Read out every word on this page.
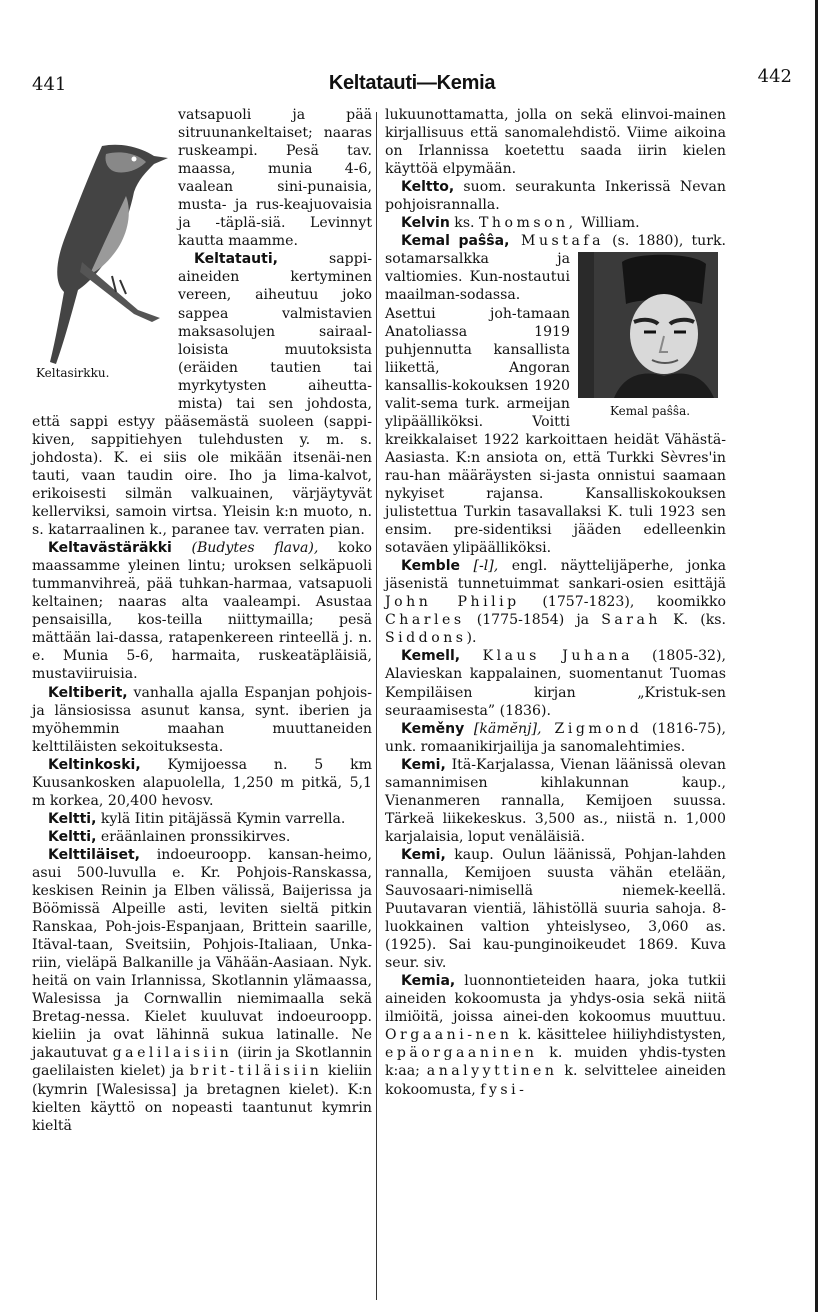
441	Keltatauti—Kemia	442
Keltasirkku.

vatsapuoli ja pää sitruunankeltaiset; naaras ruskeampi. Pesä tav. maassa, munia 4-6, vaalean sini-punaisia, musta- ja rus-keajuovaisia ja -täplä-siä. Levinnyt kautta maamme.

Keltatauti, sappi-aineiden kertyminen vereen, aiheutuu joko sappea valmistavien maksasolujen sairaal-loisista muutoksista (eräiden tautien tai myrkytysten aiheutta-mista) tai sen johdosta, että sappi estyy pääsemästä suoleen (sappi-kiven, sappitiehyen tulehdusten y. m. s. johdosta). K. ei siis ole mikään itsenäi-nen tauti, vaan taudin oire. Iho ja lima-kalvot, erikoisesti silmän valkuainen, värjäytyvät kellerviksi, samoin virtsa. Yleisin k:n muoto, n. s. katarraalinen k., paranee tav. verraten pian.

Keltavästäräkki (Budytes flava), koko maassamme yleinen lintu; uroksen selkäpuoli tummanvihreä, pää tuhkan-harmaa, vatsapuoli keltainen; naaras alta vaaleampi. Asustaa pensaisilla, kos-teilla niittymailla; pesä mättään lai-dassa, ratapenkereen rinteellä j. n. e. Munia 5-6, harmaita, ruskeatäpläisiä, mustaviiruisia.

Keltiberit, vanhalla ajalla Espanjan pohjois- ja länsiosissa asunut kansa, synt. iberien ja myöhemmin maahan muuttaneiden kelttiläisten sekoituksesta.

Keltinkoski, Kymijoessa n. 5 km Kuusankosken alapuolella, 1,250 m pitkä, 5,1 m korkea, 20,400 hevosv.

Keltti, kylä Iitin pitäjässä Kymin varrella.

Keltti, eräänlainen pronssikirves.

Kelttiläiset, indoeuroopp. kansan-heimo, asui 500-luvulla e. Kr. Pohjois-Ranskassa, keskisen Reinin ja Elben välissä, Baijerissa ja Böömissä Alpeille asti, leviten sieltä pitkin Ranskaa, Poh-jois-Espanjaan, Brittein saarille, Itäval-taan, Sveitsiin, Pohjois-Italiaan, Unka-riin, vieläpä Balkanille ja Vähään-Aasiaan. Nyk. heitä on vain Irlannissa, Skotlannin ylämaassa, Walesissa ja Cornwallin niemimaalla sekä Bretag-nessa. Kielet kuuluvat indoeuroopp. kieliin ja ovat lähinnä sukua latinalle. Ne jakautuvat gaelilaisiin (iirin ja Skotlannin gaelilaisten kielet) ja brit-tiläisiin kieliin (kymrin [Walesissa] ja bretagnen kielet). K:n kielten käyttö on nopeasti taantunut kymrin kieltä

lukuunottamatta, jolla on sekä elinvoi-mainen kirjallisuus että sanomalehdistö. Viime aikoina on Irlannissa koetettu saada iirin kielen käyttöä elpymään.

Keltto, suom. seurakunta Inkerissä Nevan pohjoisrannalla.

Kelvin ks. Thomson, William.

Kemal paŝŝa, Mustafa
Kemal paŝŝa.
(s. 1880), turk. sotamarsalkka ja valtiomies. Kun-nostautui maailman-sodassa. Asettui joh-tamaan Anatoliassa 1919 puhjennutta kansallista liikettä, Angoran kansallis-kokouksen 1920 valit-sema turk. armeijan ylipäälliköksi. Voitti kreikkalaiset 1922 karkoittaen heidät Vähästä-Aasiasta. K:n ansiota on, että Turkki Sèvres'in rau-han määräysten si-jasta onnistui saamaan nykyiset rajansa. Kansalliskokouksen julistettua Turkin tasavallaksi K. tuli 1923 sen ensim. pre-sidentiksi jääden edelleenkin sotaväen ylipäälliköksi.

Kemble [-l], engl. näyttelijäperhe, jonka jäsenistä tunnetuimmat sankari-osien esittäjä John Philip (1757-1823), koomikko Charles (1775-1854) ja Sarah K. (ks. Siddons).

Kemell, Klaus Juhana (1805-32), Alavieskan kappalainen, suomentanut Tuomas Kempiläisen kirjan „Kristuk-sen seuraamisesta” (1836).

Keměny [kämĕnj], Zigmond (1816-75), unk. romaanikirjailija ja sanomalehtimies.

Kemi, Itä-Karjalassa, Vienan läänissä olevan samannimisen kihlakunnan kaup., Vienanmeren rannalla, Kemijoen suussa. Tärkeä liikekeskus. 3,500 as., niistä n. 1,000 karjalaisia, loput venäläisiä.

Kemi, kaup. Oulun läänissä, Pohjan-lahden rannalla, Kemijoen suusta vähän etelään, Sauvosaari-nimisellä niemek-keellä. Puutavaran vientiä, lähistöllä suuria sahoja. 8-luokkainen valtion yhteislyseo, 3,060 as. (1925). Sai kau-punginoikeudet 1869. Kuva seur. siv.

Kemia, luonnontieteiden haara, joka tutkii aineiden kokoomusta ja yhdys-osia sekä niitä ilmiöitä, joissa ainei-den kokoomus muuttuu. Orgaani-nen k. käsittelee hiiliyhdistysten, epäorgaaninen k. muiden yhdis-tysten k:aa; analyyttinen k. selvittelee aineiden kokoomusta, fysi-
